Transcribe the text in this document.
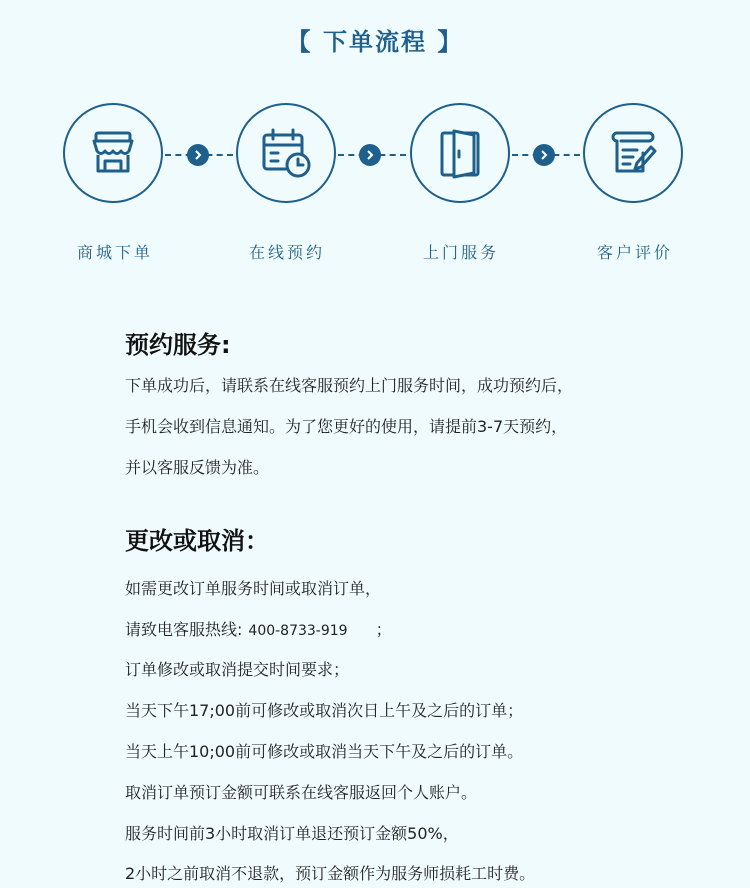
【 下单流程 】
商城下单	在线预约	上门服务	客户评价
预约服务:
下单成功后，请联系在线客服预约上门服务时间，成功预约后，
手机会收到信息通知。为了您更好的使用，请提前3-7天预约，
并以客服反馈为准。
更改或取消：
如需更改订单服务时间或取消订单，
请致电客服热线: 400-8733-919 ；
订单修改或取消提交时间要求；
当天下午17;00前可修改或取消次日上午及之后的订单；
当天上午10;00前可修改或取消当天下午及之后的订单。
取消订单预订金额可联系在线客服返回个人账户。
服务时间前3小时取消订单退还预订金额50%，
2小时之前取消不退款，预订金额作为服务师损耗工时费。
